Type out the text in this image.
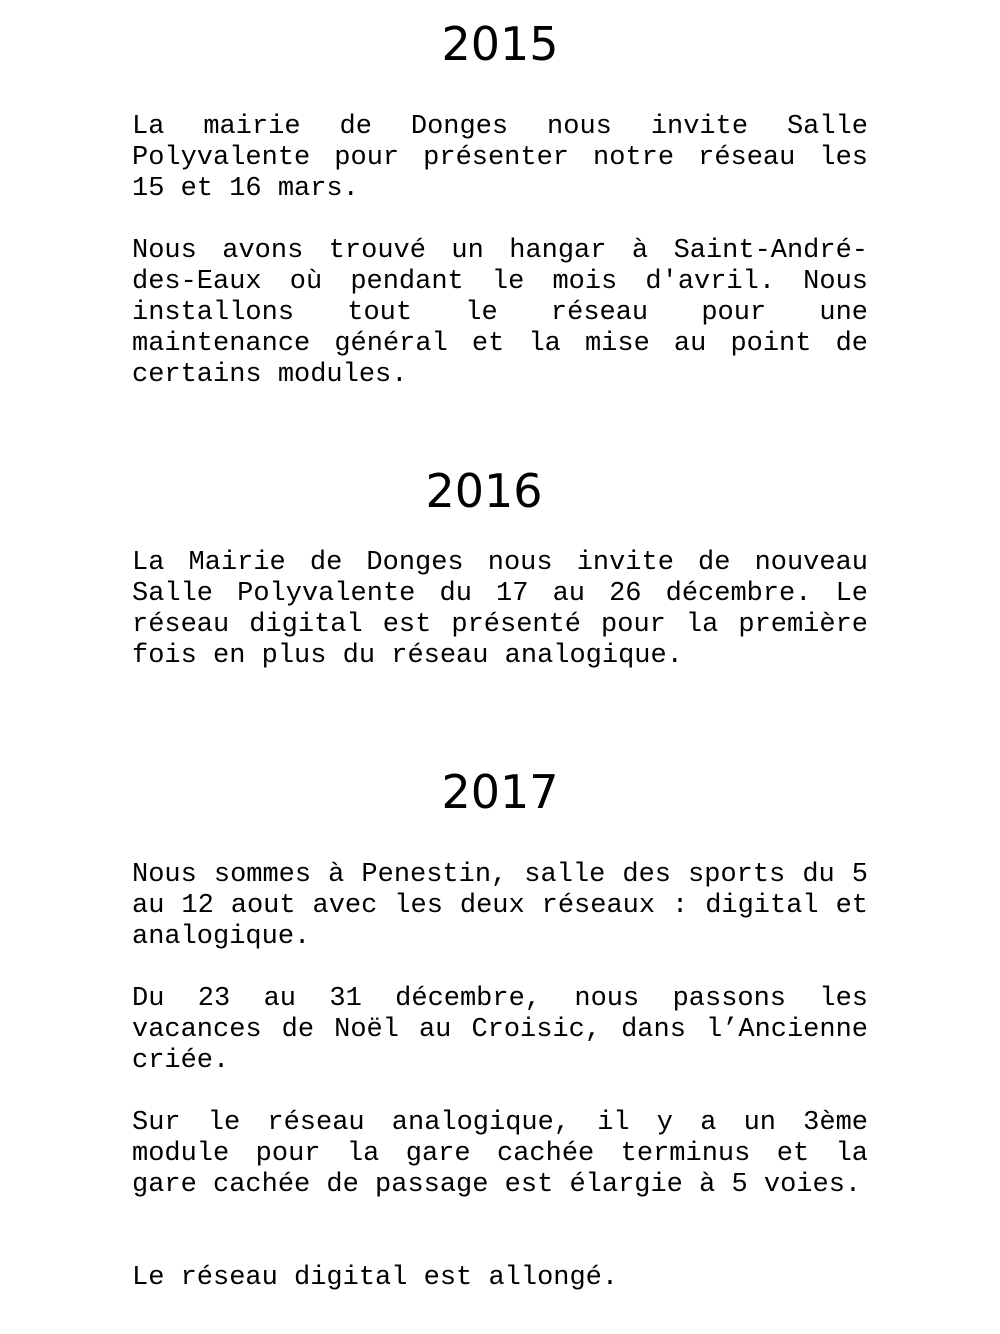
2015

La mairie de Donges nous invite Salle Polyvalente pour présenter notre réseau les 15 et 16 mars.

Nous avons trouvé un hangar à Saint-André-des-Eaux où pendant le mois d'avril. Nous installons tout le réseau pour une maintenance général et la mise au point de certains modules.

2016

La Mairie de Donges nous invite de nouveau Salle Polyvalente du 17 au 26 décembre. Le réseau digital est présenté pour la première fois en plus du réseau analogique.

2017

Nous sommes à Penestin, salle des sports du 5 au 12 aout avec les deux réseaux : digital et analogique.

Du 23 au 31 décembre, nous passons les vacances de Noël au Croisic, dans l’Ancienne criée.

Sur le réseau analogique, il y a un 3ème module pour la gare cachée terminus et la gare cachée de passage est élargie à 5 voies.

Le réseau digital est allongé.
